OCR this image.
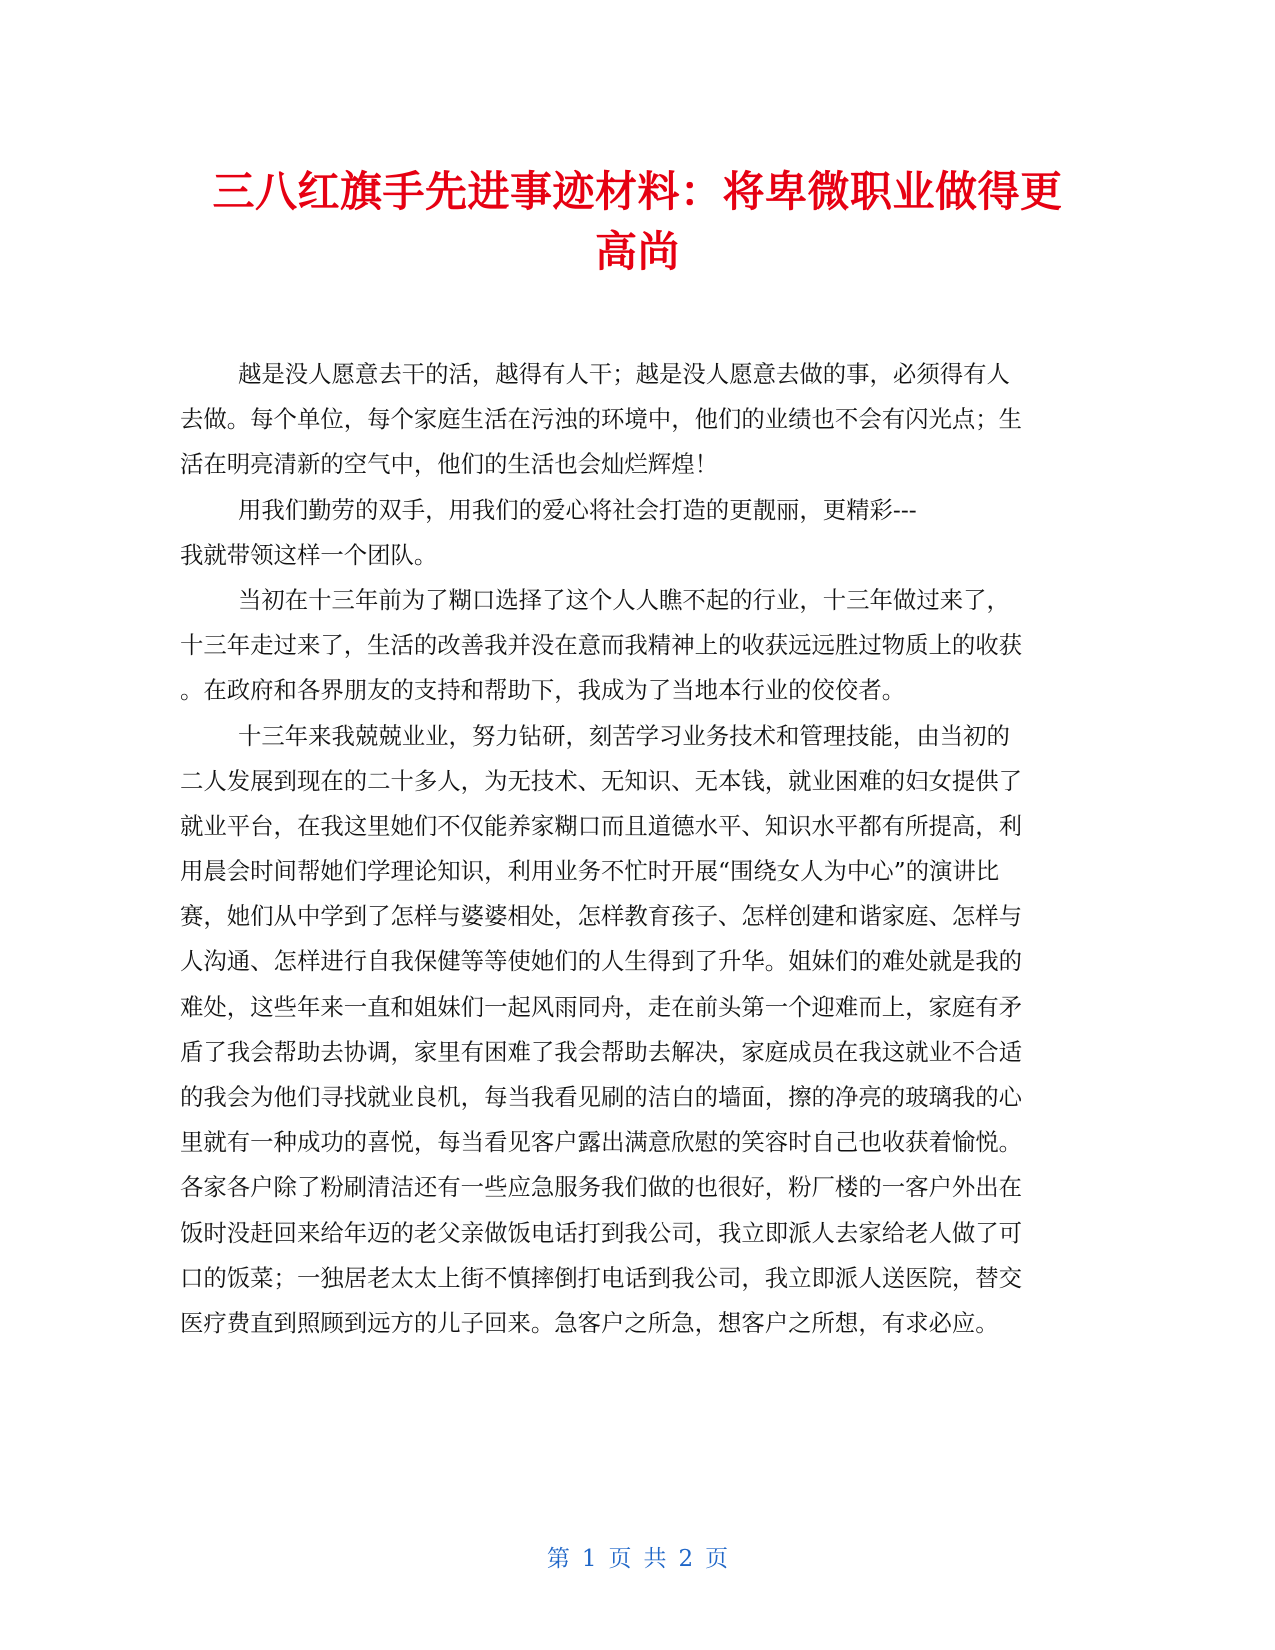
三八红旗手先进事迹材料：将卑微职业做得更
高尚
越是没人愿意去干的活，越得有人干；越是没人愿意去做的事，必须得有人
去做。每个单位，每个家庭生活在污浊的环境中，他们的业绩也不会有闪光点；生
活在明亮清新的空气中，他们的生活也会灿烂辉煌！
用我们勤劳的双手，用我们的爱心将社会打造的更靓丽，更精彩---
我就带领这样一个团队。
当初在十三年前为了糊口选择了这个人人瞧不起的行业，十三年做过来了，
十三年走过来了，生活的改善我并没在意而我精神上的收获远远胜过物质上的收获
。在政府和各界朋友的支持和帮助下，我成为了当地本行业的佼佼者。
十三年来我兢兢业业，努力钻研，刻苦学习业务技术和管理技能，由当初的
二人发展到现在的二十多人，为无技术、无知识、无本钱，就业困难的妇女提供了
就业平台，在我这里她们不仅能养家糊口而且道德水平、知识水平都有所提高，利
用晨会时间帮她们学理论知识，利用业务不忙时开展“围绕女人为中心”的演讲比
赛，她们从中学到了怎样与婆婆相处，怎样教育孩子、怎样创建和谐家庭、怎样与
人沟通、怎样进行自我保健等等使她们的人生得到了升华。姐妹们的难处就是我的
难处，这些年来一直和姐妹们一起风雨同舟，走在前头第一个迎难而上，家庭有矛
盾了我会帮助去协调，家里有困难了我会帮助去解决，家庭成员在我这就业不合适
的我会为他们寻找就业良机，每当我看见刷的洁白的墙面，擦的净亮的玻璃我的心
里就有一种成功的喜悦，每当看见客户露出满意欣慰的笑容时自己也收获着愉悦。
各家各户除了粉刷清洁还有一些应急服务我们做的也很好，粉厂楼的一客户外出在
饭时没赶回来给年迈的老父亲做饭电话打到我公司，我立即派人去家给老人做了可
口的饭菜；一独居老太太上街不慎摔倒打电话到我公司，我立即派人送医院，替交
医疗费直到照顾到远方的儿子回来。急客户之所急，想客户之所想，有求必应。
第 1 页 共 2 页
